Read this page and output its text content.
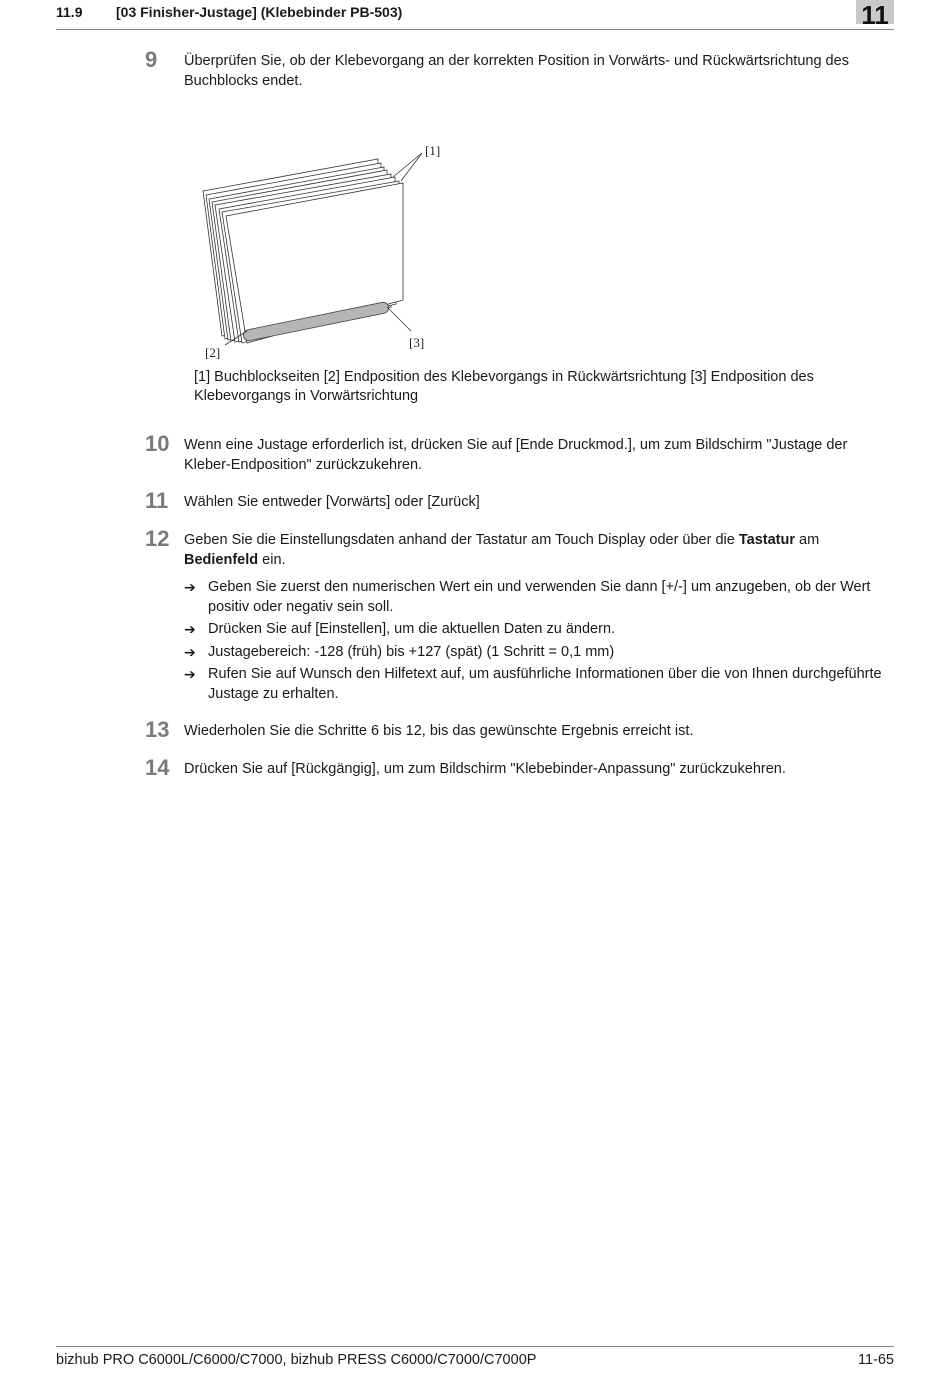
11.9 [03 Finisher-Justage] (Klebebinder PB-503)	11
9	Überprüfen Sie, ob der Klebevorgang an der korrekten Position in Vorwärts- und Rückwärtsrichtung des Buchblocks endet.
[1]
[3]
[2]
[1] Buchblockseiten [2] Endposition des Klebevorgangs in Rückwärtsrichtung [3] Endposition des Klebevorgangs in Vorwärtsrichtung
10	Wenn eine Justage erforderlich ist, drücken Sie auf [Ende Druckmod.], um zum Bildschirm "Justage der Kleber-Endposition" zurückzukehren.
11	Wählen Sie entweder [Vorwärts] oder [Zurück]
12	Geben Sie die Einstellungsdaten anhand der Tastatur am Touch Display oder über die Tastatur am Bedienfeld ein.
➔ Geben Sie zuerst den numerischen Wert ein und verwenden Sie dann [+/-] um anzugeben, ob der Wert positiv oder negativ sein soll.
➔ Drücken Sie auf [Einstellen], um die aktuellen Daten zu ändern.
➔ Justagebereich: -128 (früh) bis +127 (spät) (1 Schritt = 0,1 mm)
➔ Rufen Sie auf Wunsch den Hilfetext auf, um ausführliche Informationen über die von Ihnen durchgeführte Justage zu erhalten.
13	Wiederholen Sie die Schritte 6 bis 12, bis das gewünschte Ergebnis erreicht ist.
14	Drücken Sie auf [Rückgängig], um zum Bildschirm "Klebebinder-Anpassung" zurückzukehren.
bizhub PRO C6000L/C6000/C7000, bizhub PRESS C6000/C7000/C7000P	11-65
